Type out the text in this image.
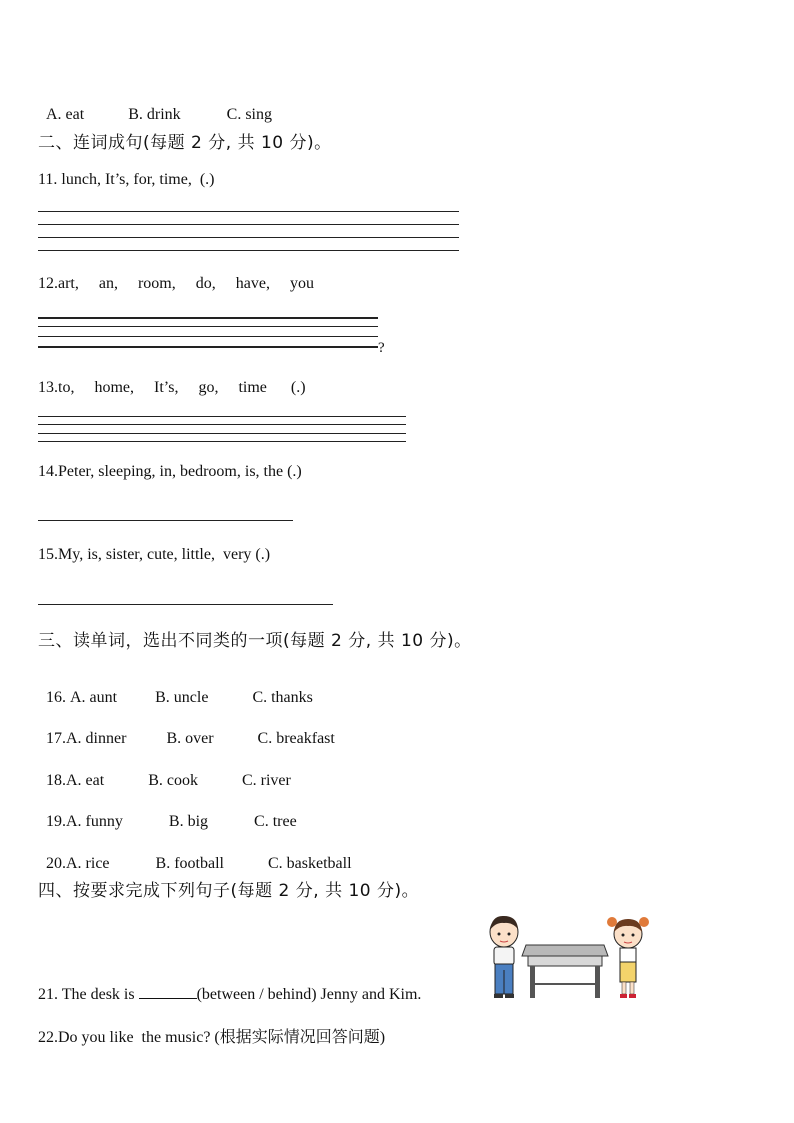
A. eat	B. drink	C. sing

二、连词成句(每题 2 分, 共 10 分)。
11. lunch, It’s, for, time,  (.)
12.art,     an,     room,     do,     have,     you
?
13.to,     home,     It’s,     go,     time      (.)
14.Peter, sleeping, in, bedroom, is, the (.)
15.My, is, sister, cute, little,  very (.)
三、读单词，选出不同类的一项(每题 2 分, 共 10 分)。

16. A. aunt B. uncle	C. thanks

17.A. dinner	B. over	C. breakfast

18.A. eat	B. cook	C. river

19.A. funny	B. big	C. tree

20.A. rice	B. football	C. basketball

四、按要求完成下列句子(每题 2 分, 共 10 分)。
21. The desk is	(between / behind) Jenny and Kim.
22.Do you like  the music? (根据实际情况回答问题)
